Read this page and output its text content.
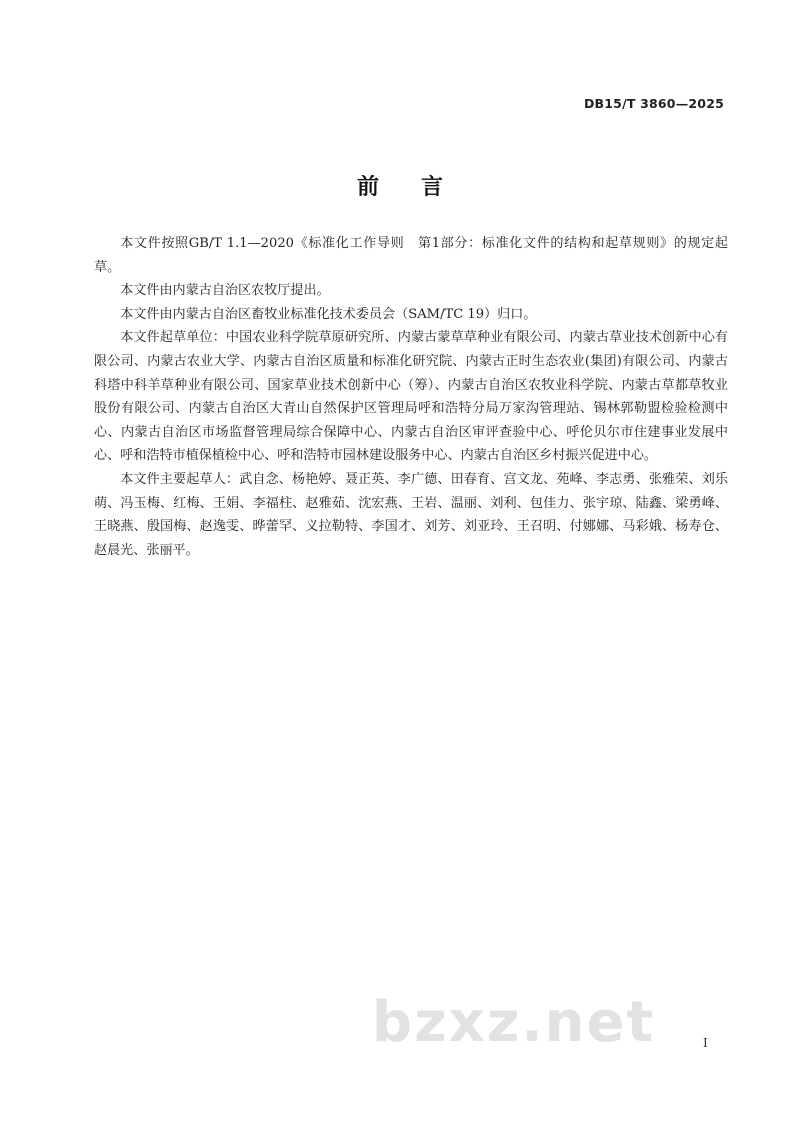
DB15/T 3860—2025
前 言

本文件按照GB/T 1.1—2020《标准化工作导则　第1部分：标准化文件的结构和起草规则》的规定起草。

本文件由内蒙古自治区农牧厅提出。

本文件由内蒙古自治区畜牧业标准化技术委员会（SAM/TC 19）归口。

本文件起草单位：中国农业科学院草原研究所、内蒙古蒙草草种业有限公司、内蒙古草业技术创新中心有限公司、内蒙古农业大学、内蒙古自治区质量和标准化研究院、内蒙古正时生态农业(集团)有限公司、内蒙古科塔中科羊草种业有限公司、国家草业技术创新中心（筹）、内蒙古自治区农牧业科学院、内蒙古草都草牧业股份有限公司、内蒙古自治区大青山自然保护区管理局呼和浩特分局万家沟管理站、锡林郭勒盟检验检测中心、内蒙古自治区市场监督管理局综合保障中心、内蒙古自治区审评查验中心、呼伦贝尔市住建事业发展中心、呼和浩特市植保植检中心、呼和浩特市园林建设服务中心、内蒙古自治区乡村振兴促进中心。

本文件主要起草人：武自念、杨艳婷、聂正英、李广德、田春育、宫文龙、苑峰、李志勇、张雅荣、刘乐萌、冯玉梅、红梅、王娟、李福柱、赵雅茹、沈宏燕、王岩、温丽、刘利、包佳力、张宇琼、陆鑫、梁勇峰、王晓燕、殷国梅、赵逸雯、晔蕾罕、义拉勒特、李国才、刘芳、刘亚玲、王召明、付娜娜、马彩娥、杨寿仓、赵晨光、张丽平。

bzxz.net	I
